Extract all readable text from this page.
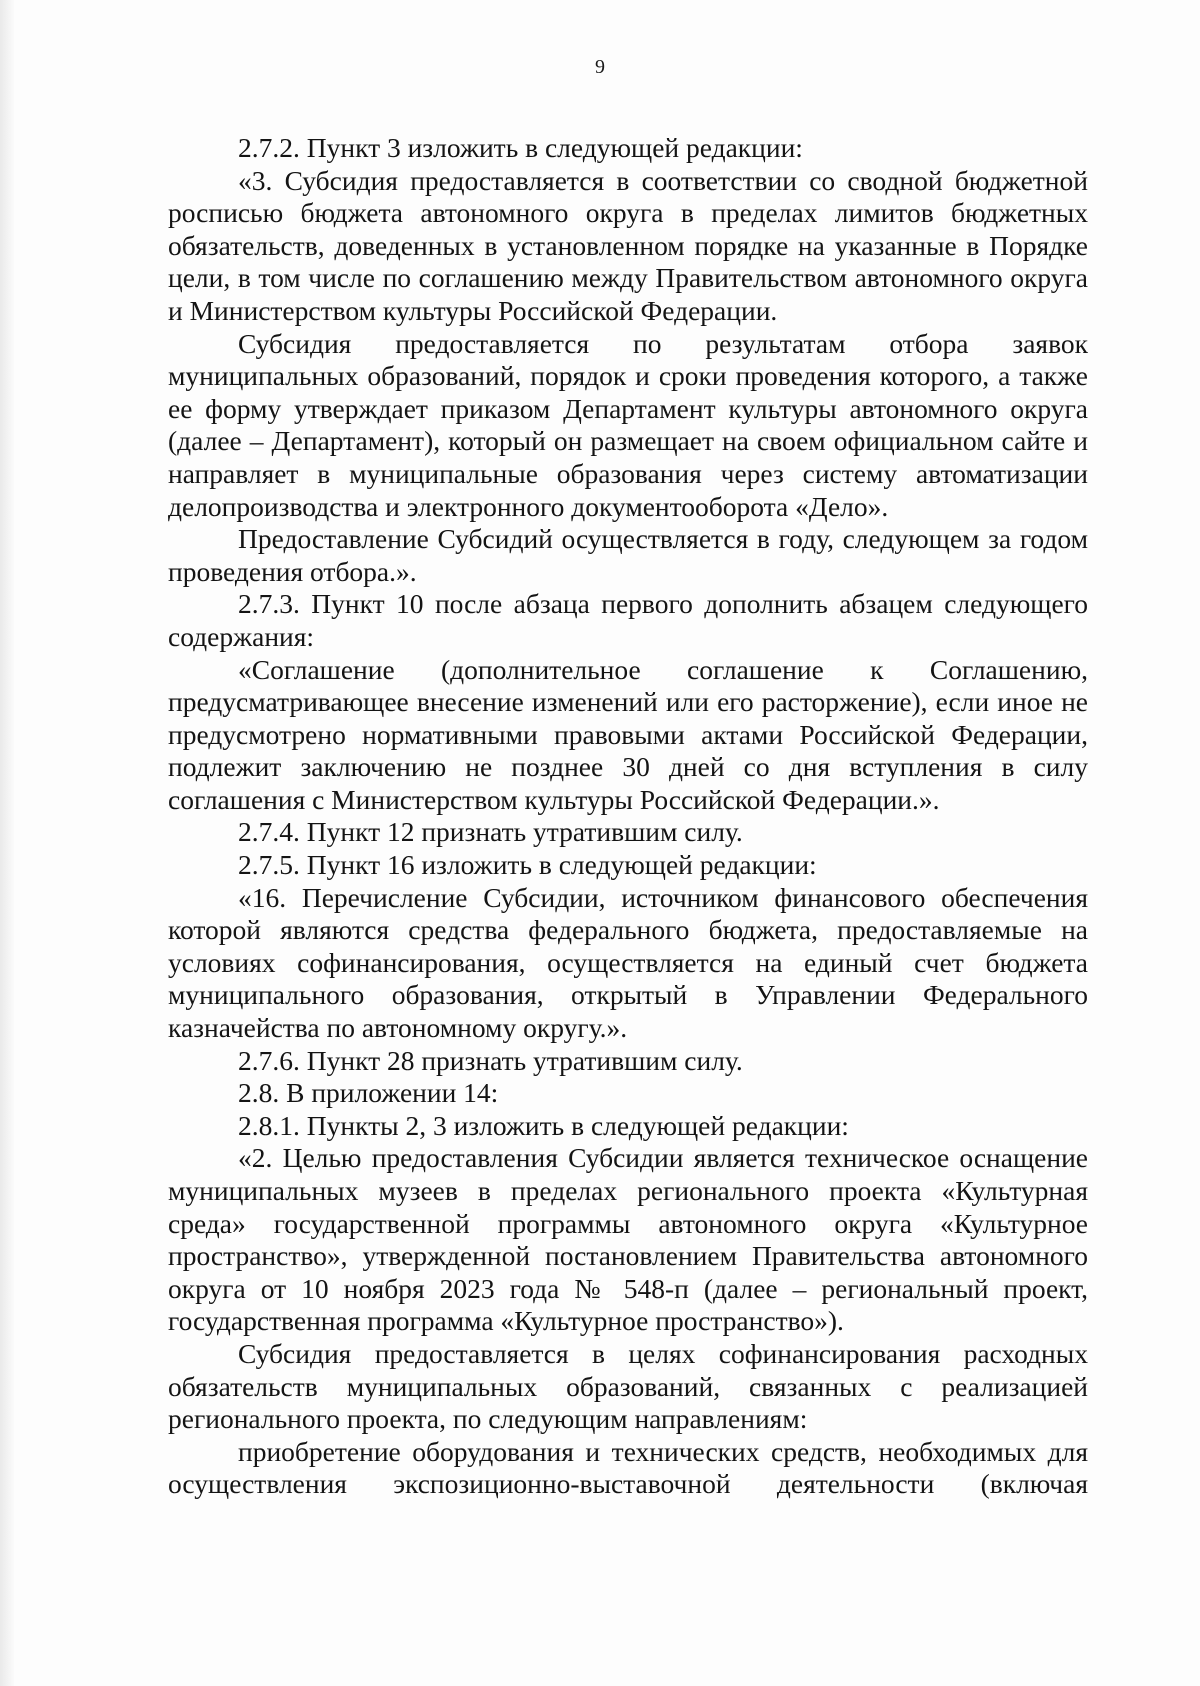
9

2.7.2. Пункт 3 изложить в следующей редакции:

«3. Субсидия предоставляется в соответствии со сводной бюджетной росписью бюджета автономного округа в пределах лимитов бюджетных обязательств, доведенных в установленном порядке на указанные в Порядке цели, в том числе по соглашению между Правительством автономного округа и Министерством культуры Российской Федерации.

Субсидия предоставляется по результатам отбора заявок муниципальных образований, порядок и сроки проведения которого, а также ее форму утверждает приказом Департамент культуры автономного округа (далее – Департамент), который он размещает на своем официальном сайте и направляет в муниципальные образования через систему автоматизации делопроизводства и электронного документооборота «Дело».

Предоставление Субсидий осуществляется в году, следующем за годом проведения отбора.».

2.7.3. Пункт 10 после абзаца первого дополнить абзацем следующего содержания:

«Соглашение (дополнительное соглашение к Соглашению, предусматривающее внесение изменений или его расторжение), если иное не предусмотрено нормативными правовыми актами Российской Федерации, подлежит заключению не позднее 30 дней со дня вступления в силу соглашения с Министерством культуры Российской Федерации.».

2.7.4. Пункт 12 признать утратившим силу.

2.7.5. Пункт 16 изложить в следующей редакции:

«16. Перечисление Субсидии, источником финансового обеспечения которой являются средства федерального бюджета, предоставляемые на условиях софинансирования, осуществляется на единый счет бюджета муниципального образования, открытый в Управлении Федерального казначейства по автономному округу.».

2.7.6. Пункт 28 признать утратившим силу.

2.8. В приложении 14:

2.8.1. Пункты 2, 3 изложить в следующей редакции:

«2. Целью предоставления Субсидии является техническое оснащение муниципальных музеев в пределах регионального проекта «Культурная среда» государственной программы автономного округа «Культурное пространство», утвержденной постановлением Правительства автономного округа от 10 ноября 2023 года № 548-п (далее – региональный проект, государственная программа «Культурное пространство»).

Субсидия предоставляется в целях софинансирования расходных обязательств муниципальных образований, связанных с реализацией регионального проекта, по следующим направлениям:

приобретение оборудования и технических средств, необходимых для осуществления экспозиционно-выставочной деятельности (включая
